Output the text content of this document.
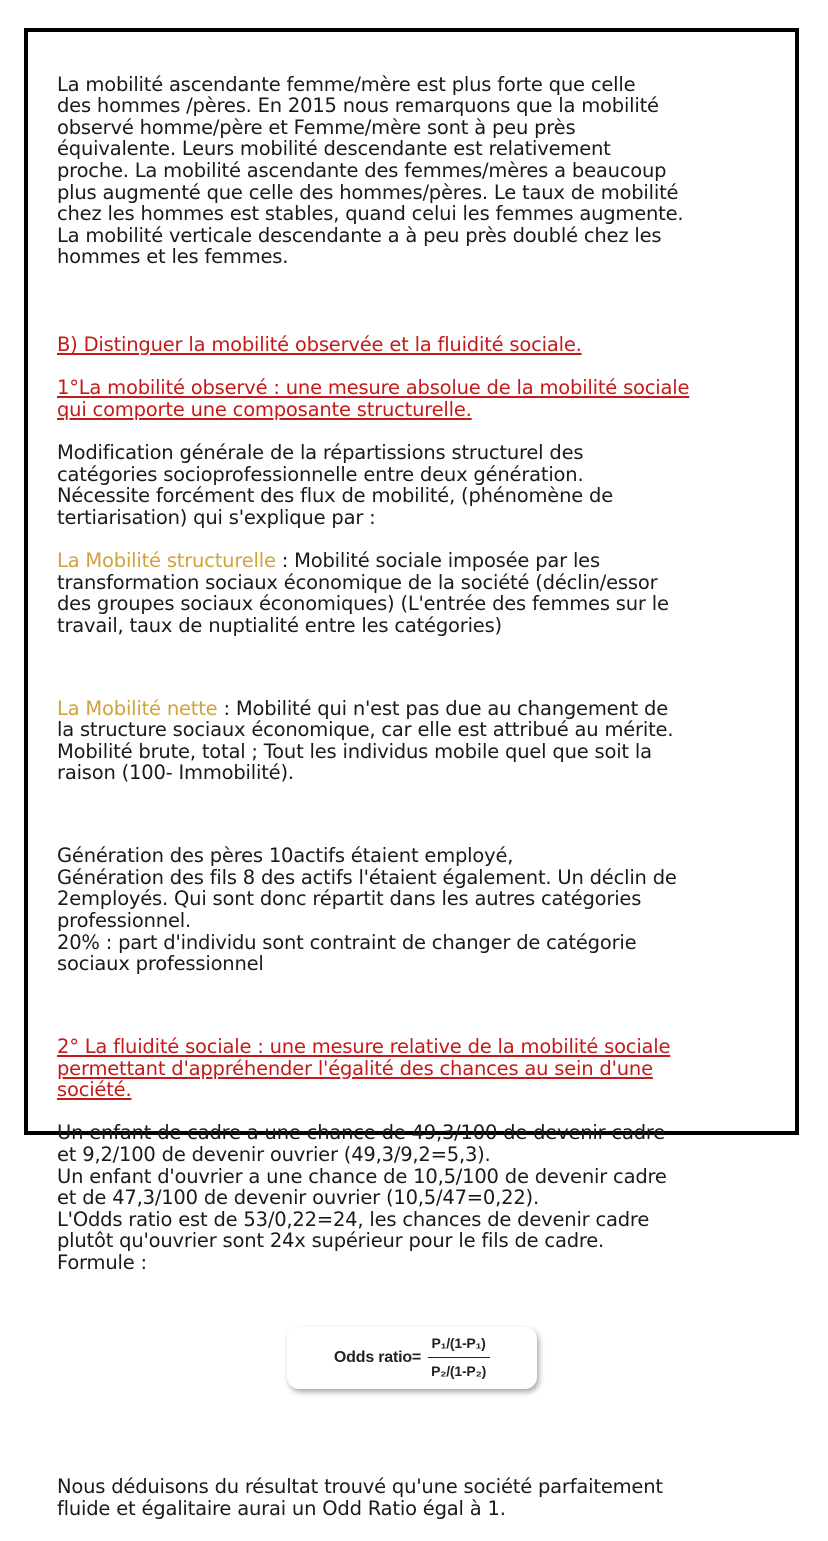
La mobilité ascendante femme/mère est plus forte que celle
des hommes /pères. En 2015 nous remarquons que la mobilité
observé homme/père et Femme/mère sont à peu près
équivalente. Leurs mobilité descendante est relativement
proche. La mobilité ascendante des femmes/mères a beaucoup
plus augmenté que celle des hommes/pères. Le taux de mobilité
chez les hommes est stables, quand celui les femmes augmente.
La mobilité verticale descendante a à peu près doublé chez les
hommes et les femmes.

B) Distinguer la mobilité observée et la fluidité sociale.

1°La mobilité observé : une mesure absolue de la mobilité sociale
qui comporte une composante structurelle.

Modification générale de la répartissions structurel des
catégories socioprofessionnelle entre deux génération.
Nécessite forcément des flux de mobilité, (phénomène de
tertiarisation) qui s'explique par :

La Mobilité structurelle : Mobilité sociale imposée par les
transformation sociaux économique de la société (déclin/essor
des groupes sociaux économiques) (L'entrée des femmes sur le
travail, taux de nuptialité entre les catégories)

La Mobilité nette : Mobilité qui n'est pas due au changement de
la structure sociaux économique, car elle est attribué au mérite.
Mobilité brute, total ; Tout les individus mobile quel que soit la
raison (100- Immobilité).

Génération des pères 10actifs étaient employé,
Génération des fils 8 des actifs l'étaient également. Un déclin de
2employés. Qui sont donc répartit dans les autres catégories
professionnel.
20% : part d'individu sont contraint de changer de catégorie
sociaux professionnel

2° La fluidité sociale : une mesure relative de la mobilité sociale
permettant d'appréhender l'égalité des chances au sein d'une
société.

Un enfant de cadre a une chance de 49,3/100 de devenir cadre
et 9,2/100 de devenir ouvrier (49,3/9,2=5,3).
Un enfant d'ouvrier a une chance de 10,5/100 de devenir cadre
et de 47,3/100 de devenir ouvrier (10,5/47=0,22).
L'Odds ratio est de 53/0,22=24, les chances de devenir cadre
plutôt qu'ouvrier sont 24x supérieur pour le fils de cadre.
Formule :

Odds ratio= $\frac{\text{P₁/(1-P₁)}}{\text{P₂/(1-P₂)}}$

Nous déduisons du résultat trouvé qu'une société parfaitement
fluide et égalitaire aurai un Odd Ratio égal à 1.
